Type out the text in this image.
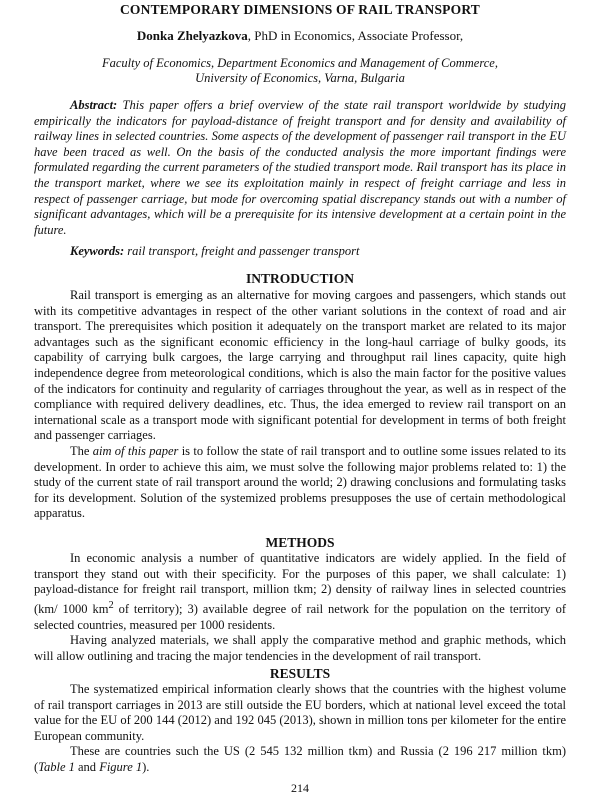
CONTEMPORARY DIMENSIONS OF RAIL TRANSPORT
Donka Zhelyazkova, PhD in Economics, Associate Professor,
Faculty of Economics, Department Economics and Management of Commerce,
University of Economics, Varna, Bulgaria

Abstract: This paper offers a brief overview of the state rail transport worldwide by studying empirically the indicators for payload-distance of freight transport and for density and availability of railway lines in selected countries. Some aspects of the development of passenger rail transport in the EU have been traced as well. On the basis of the conducted analysis the more important findings were formulated regarding the current parameters of the studied transport mode. Rail transport has its place in the transport market, where we see its exploitation mainly in respect of freight carriage and less in respect of passenger carriage, but mode for overcoming spatial discrepancy stands out with a number of significant advantages, which will be a prerequisite for its intensive development at a certain point in the future.

Keywords: rail transport, freight and passenger transport

INTRODUCTION

Rail transport is emerging as an alternative for moving cargoes and passengers, which stands out with its competitive advantages in respect of the other variant solutions in the context of road and air transport. The prerequisites which position it adequately on the transport market are related to its major advantages such as the significant economic efficiency in the long-haul carriage of bulky goods, its capability of carrying bulk cargoes, the large carrying and throughput rail lines capacity, quite high independence degree from meteorological conditions, which is also the main factor for the positive values of the indicators for continuity and regularity of carriages throughout the year, as well as in respect of the compliance with required delivery deadlines, etc. Thus, the idea emerged to review rail transport on an international scale as a transport mode with significant potential for development in terms of both freight and passenger carriages.

The aim of this paper is to follow the state of rail transport and to outline some issues related to its development. In order to achieve this aim, we must solve the following major problems related to: 1) the study of the current state of rail transport around the world; 2) drawing conclusions and formulating tasks for its development. Solution of the systemized problems presupposes the use of certain methodological apparatus.

METHODS

In economic analysis a number of quantitative indicators are widely applied. In the field of transport they stand out with their specificity. For the purposes of this paper, we shall calculate: 1) payload-distance for freight rail transport, million tkm; 2) density of railway lines in selected countries (km/ 1000 $km^2$ of territory); 3) available degree of rail network for the population on the territory of selected countries, measured per 1000 residents.

Having analyzed materials, we shall apply the comparative method and graphic methods, which will allow outlining and tracing the major tendencies in the development of rail transport.

RESULTS

The systematized empirical information clearly shows that the countries with the highest volume of rail transport carriages in 2013 are still outside the EU borders, which at national level exceed the total value for the EU of 200 144 (2012) and 192 045 (2013), shown in million tons per kilometer for the entire European community.

These are countries such the US (2 545 132 million tkm) and Russia (2 196 217 million tkm) (Table 1 and Figure 1).

214
